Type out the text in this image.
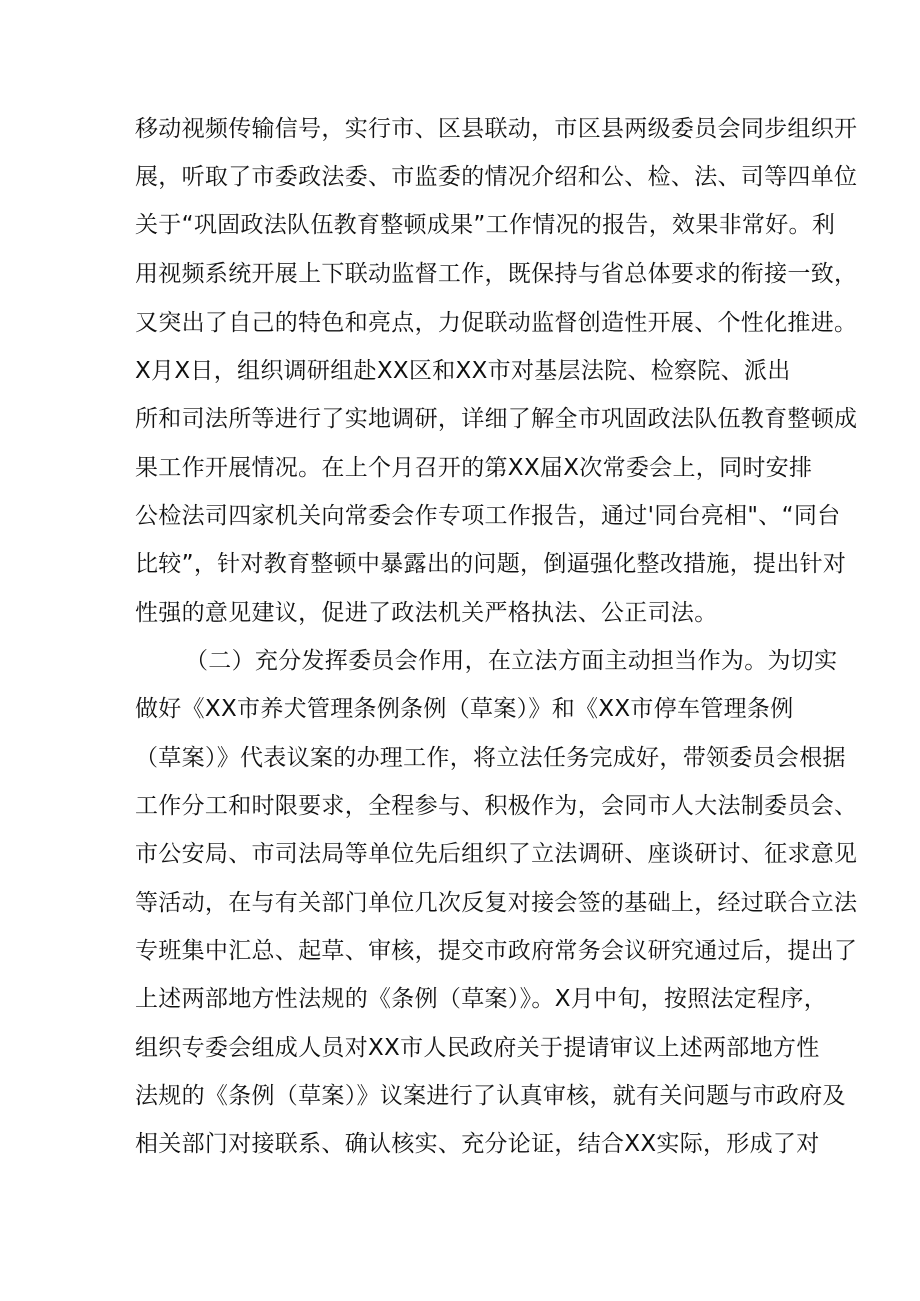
移动视频传输信号，实行市、区县联动，市区县两级委员会同步组织开
展，听取了市委政法委、市监委的情况介绍和公、检、法、司等四单位
关于“巩固政法队伍教育整顿成果”工作情况的报告，效果非常好。利
用视频系统开展上下联动监督工作，既保持与省总体要求的衔接一致，
又突出了自己的特色和亮点，力促联动监督创造性开展、个性化推进。
X月X日，组织调研组赴XX区和XX市对基层法院、检察院、派出
所和司法所等进行了实地调研，详细了解全市巩固政法队伍教育整顿成
果工作开展情况。在上个月召开的第XX届X次常委会上，同时安排
公检法司四家机关向常委会作专项工作报告，通过'同台亮相"、“同台
比较”，针对教育整顿中暴露出的问题，倒逼强化整改措施，提出针对
性强的意见建议，促进了政法机关严格执法、公正司法。
（二）充分发挥委员会作用，在立法方面主动担当作为。为切实
做好《XX市养犬管理条例条例（草案）》和《XX市停车管理条例
（草案）》代表议案的办理工作，将立法任务完成好，带领委员会根据
工作分工和时限要求，全程参与、积极作为，会同市人大法制委员会、
市公安局、市司法局等单位先后组织了立法调研、座谈研讨、征求意见
等活动，在与有关部门单位几次反复对接会签的基础上，经过联合立法
专班集中汇总、起草、审核，提交市政府常务会议研究通过后，提出了
上述两部地方性法规的《条例（草案）》。X月中旬，按照法定程序，
组织专委会组成人员对XX市人民政府关于提请审议上述两部地方性
法规的《条例（草案）》议案进行了认真审核，就有关问题与市政府及
相关部门对接联系、确认核实、充分论证，结合XX实际，形成了对
